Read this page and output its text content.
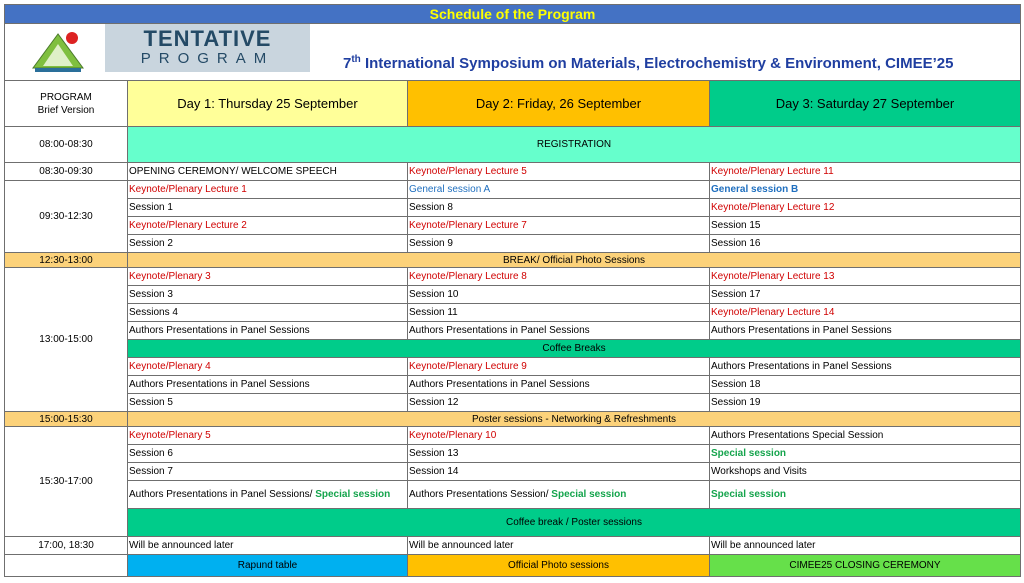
Schedule of the Program			

TENTATIVE
PROGRAM 7th International Symposium on Materials, Electrochemistry & Environment, CIMEE’25			

PROGRAM
Brief Version	Day 1: Thursday 25 September	Day 2: Friday, 26 September	Day 3: Saturday 27 September
08:00-08:30	REGISTRATION		
08:30-09:30	OPENING CEREMONY/ WELCOME SPEECH	Keynote/Plenary Lecture 5	Keynote/Plenary Lecture 11
09:30-12:30	Keynote/Plenary Lecture 1	General session A	General session B
	Session 1	Session 8	Keynote/Plenary Lecture 12
	Keynote/Plenary Lecture 2	Keynote/Plenary Lecture 7	Session 15
	Session 2	Session 9	Session 16
12:30-13:00	BREAK/ Official Photo Sessions		
13:00-15:00	Keynote/Plenary 3	Keynote/Plenary Lecture 8	Keynote/Plenary Lecture 13
	Session 3	Session 10	Session 17
	Sessions 4	Session 11	Keynote/Plenary Lecture 14
	Authors Presentations in Panel Sessions	Authors Presentations in Panel Sessions	Authors Presentations in Panel Sessions
	Coffee Breaks		
	Keynote/Plenary 4	Keynote/Plenary Lecture 9	Authors Presentations in Panel Sessions
	Authors Presentations in Panel Sessions	Authors Presentations in Panel Sessions	Session 18
	Session 5	Session 12	Session 19
15:00-15:30	Poster sessions - Networking & Refreshments		
15:30-17:00	Keynote/Plenary 5	Keynote/Plenary 10	Authors Presentations Special Session
	Session 6	Session 13	Special session
	Session 7	Session 14	Workshops and Visits
	Authors Presentations in Panel Sessions/ Special session	Authors Presentations Session/ Special session	Special session
	Coffee break / Poster sessions		
17:00, 18:30	Will be announced later	Will be announced later	Will be announced later
	Rapund table	Official Photo sessions	CIMEE25 CLOSING CEREMONY
